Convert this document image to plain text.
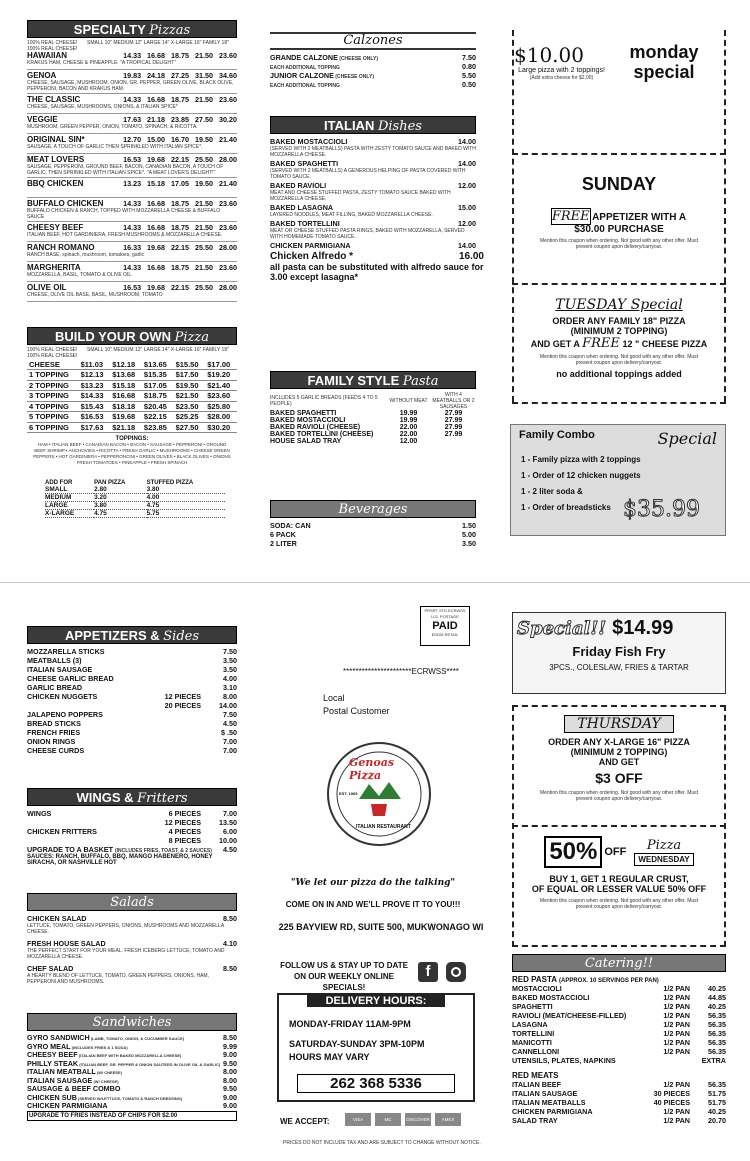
SPECIALTY Pizzas
100% REAL CHEESE! 100% REAL CHEESE!
SMALL 10" MEDIUM 12" LARGE 14" X-LARGE 16" FAMILY 18"
HAWAIIAN	14.33 16.68 18.75 21.50 23.60
KRAKUS HAM, CHEESE & PINEAPPLE. "A TROPICAL DELIGHT"
GENOA	19.83 24.18 27.25 31.50 34.60
CHEESE, SAUSAGE, MUSHROOM, ONION, GR. PEPPER, GREEN OLIVE, BLACK OLIVE, PEPPERONI, BACON AND KRAKUS HAM.
THE CLASSIC	14.33 16.68 18.75 21.50 23.60
CHEESE, SAUSAGE, MUSHROOMS, ONIONS, & ITALIAN SPICE*
VEGGIE	17.63 21.18 23.85 27.50 30.20
MUSHROOM, GREEN PEPPER, ONION, TOMATO, SPINACH, & RICOTTA.
ORIGINAL SIN*	12.70 15.00 16.70 19.50 21.40
SAUSAGE, A TOUCH OF GARLIC THEN SPRINKLED WITH ITALIAN SPICE*.
MEAT LOVERS	16.53 19.68 22.15 25.50 28.00
SAUSAGE, PEPPERONI, GROUND BEEF, BACON, CANADIAN BACON, A TOUCH OF GARLIC, THEN SPRINKLED WITH ITALIAN SPICE*. "A MEAT LOVER'S DELIGHT!"
BBQ CHICKEN	13.23 15.18 17.05 19.50 21.40
BUFFALO CHICKEN	14.33 16.68 18.75 21.50 23.60
BUFFALO CHICKEN & RANCH, TOPPED WITH MOZZARELLA CHEESE & BUFFALO SAUCE
CHEESY BEEF	14.33 16.68 18.75 21.50 23.60
ITALIAN BEEF, HOT GARDINIERA, FRESH MUSHROOMS & MOZZARELLA CHEESE.
RANCH ROMANO	16.33 19.68 22.15 25.50 28.00
RANCH BASE, spinach, mushroom, tomatoes, garlic
MARGHERITA	14.33 16.68 18.75 21.50 23.60
MOZZARELLA, BASIL, TOMATO & OLIVE OIL.
OLIVE OIL	16.53 19.68 22.15 25.50 28.00
CHEESE, OLIVE OIL BASE, BASIL, MUSHROOM, TOMATO
BUILD YOUR OWN Pizza
100% REAL CHEESE! 100% REAL CHEESE!
SMALL 10" MEDIUM 12" LARGE 14" X-LARGE 16" FAMILY 18"
CHEESE	$11.03	$12.18	$13.65	$15.50	$17.00
1 TOPPING	$12.13	$13.68	$15.35	$17.50	$19.20
2 TOPPING	$13.23	$15.18	$17.05	$19.50	$21.40
3 TOPPING	$14.33	$16.68	$18.75	$21.50	$23.60
4 TOPPING	$15.43	$18.18	$20.45	$23.50	$25.80
5 TOPPING	$16.53	$19.68	$22.15	$25.25	$28.00
6 TOPPING	$17.63	$21.18	$23.85	$27.50	$30.20
TOPPINGS:
HAM • ITALIAN BEEF • CANADIAN BACON • BACON • SAUSAGE • PEPPERONI • GROUND BEEF SHRIMP • ANCHOVIES • RICOTTA • FRESH GARLIC • MUSHROOMS • CHEESE GREEN PEPPERS • HOT GARDINIERA • PEPPERONCINI • GREEN OLIVES • BLACK OLIVES • ONIONS FRESH TOMATOES • PINEAPPLE • FRESH SPINACH
ADD FOR	PAN PIZZA	STUFFED PIZZA
SMALL	2.80	3.80
MEDIUM	3.20	4.00
LARGE	3.80	4.75
X-LARGE	4.75	5.75
Calzones
GRANDE CALZONE (CHEESE ONLY)	7.50
EACH ADDITIONAL TOPPING	0.80
JUNIOR CALZONE (CHEESE ONLY)	5.50
EACH ADDITIONAL TOPPING	0.50
ITALIAN Dishes
BAKED MOSTACCIOLI	14.00
(SERVED WITH 2 MEATBALLS) PASTA WITH ZESTY TOMATO SAUCE AND BAKED WITH MOZZARELLA CHEESE.
BAKED SPAGHETTI	14.00
(SERVED WITH 2 MEATBALLS) A GENEROUS HELPING OF PASTA COVERED WITH TOMATO SAUCE.
BAKED RAVIOLI	12.00
MEAT AND CHEESE STUFFED PASTA, ZESTY TOMATO SAUCE BAKED WITH MOZZARELLA CHEESE.
BAKED LASAGNA	15.00
LAYERED NOODLES, MEAT FILLING, BAKED MOZZARELLA CHEESE.
BAKED TORTELLINI	12.00
MEAT OR CHEESE STUFFED PASTA RINGS, BAKED WITH MOZZARELLA, SERVED WITH HOMEMADE TOMATO SAUCE.
CHICKEN PARMIGIANA	14.00
Chicken Alfredo *	16.00
all pasta can be substituted with alfredo sauce for 3.00 except lasagna*
FAMILY STYLE Pasta
INCLUDES 5 GARLIC BREADS (FEEDS 4 TO 5 PEOPLE)	WITHOUT MEAT	WITH 4 MEATBALLS OR 2 SAUSAGES
BAKED SPAGHETTI	19.99	27.99
BAKED MOSTACCIOLI	19.99	27.99
BAKED RAVIOLI (CHEESE)	22.00	27.99
BAKED TORTELLINI (CHEESE)	22.00	27.99
HOUSE SALAD TRAY	12.00	
Beverages
SODA: CAN	1.50
6 PACK	5.00
2 LITER	3.50
$10.00
Large pizza with 2 toppings!
(Add extra cheese for $2.00)
monday special
SUNDAY
FREE APPETIZER WITH A
$30.00 PURCHASE
Mention this coupon when ordering. Not good with any other offer. Must present coupon upon delivery/carryout.
TUESDAY Special
ORDER ANY FAMILY 18" PIZZA
(MINIMUM 2 TOPPING)
AND GET A FREE 12 " CHEESE PIZZA
Mention this coupon when ordering. Not good with any other offer. Must present coupon upon delivery/carryout.
no additional toppings added
Family Combo	Special
1 - Family pizza with 2 toppings
1 - Order of 12 chicken nuggets
1 - 2 liter soda &
1 - Order of breadsticks $35.99
APPETIZERS & Sides
MOZZARELLA STICKS	7.50
MEATBALLS (3)	3.50
ITALIAN SAUSAGE	3.50
CHEESE GARLIC BREAD	4.00
GARLIC BREAD	3.10
CHICKEN NUGGETS	12 PIECES	8.00
20 PIECES	14.00
JALAPENO POPPERS	7.50
BREAD STICKS	4.50
FRENCH FRIES	$ .50
ONION RINGS	7.00
CHEESE CURDS	7.00
WINGS & Fritters
WINGS	6 PIECES	7.00
12 PIECES	13.50
CHICKEN FRITTERS	4 PIECES	6.00
8 PIECES	10.00
UPGRADE TO A BASKET (INCLUDES FRIES, TOAST, & 2 SAUCES) 4.50
SAUCES: RANCH, BUFFALO, BBQ, MANGO HABENERO, HONEY SIRACHA, OR NASHVILLE HOT
Salads
CHICKEN SALAD	8.50
LETTUCE, TOMATO, GREEN PEPPERS, ONIONS, MUSHROOMS AND MOZZARELLA CHEESE.
FRESH HOUSE SALAD	4.10
THE PERFECT START FOR YOUR MEAL. FRESH ICEBERG LETTUCE, TOMATO AND MOZZARELLA CHEESE.
CHEF SALAD	8.50
A HEARTY BLEND OF LETTUCE, TOMATO, GREEN PEPPERS, ONIONS, HAM, PEPPERONI AND MUSHROOMS.
Sandwiches
GYRO SANDWICH (LAMB, TOMATO, ONION, & CUCUMBER SAUCE)	8.50
GYRO MEAL (INCLUDES FRIES & 1 SODA)	9.99
CHEESY BEEF (ITALIAN BEEF WITH BAKED MOZZARELLA CHEESE)	9.00
PHILLY STEAK (ITALIAN BEEF, GR. PEPPER & ONION SAUTEED IN OLIVE OIL & GARLIC) 9.50
ITALIAN MEATBALL (W/ CHEESE)	8.00
ITALIAN SAUSAGE (W/ CHEESE)	8.00
SAUSAGE & BEEF COMBO	9.50
CHICKEN SUB (SERVED W/LETTUCE, TOMATO & RANCH DRESSING)	9.00
CHICKEN PARMIGIANA	9.00
UPGRADE TO FRIES INSTEAD OF CHIPS FOR $2.00
PRSRT STD ECRWSS U.S. POSTAGE
PAID
EDDM RETAIL
**********************ECRWSS****
Local
Postal Customer
Genoas Pizza
ITALIAN RESTAURANT
EST. 1969
"We let our pizza do the talking"
COME ON IN AND WE'LL PROVE IT TO YOU!!!
225 BAYVIEW RD, SUITE 500, MUKWONAGO WI
FOLLOW US & STAY UP TO DATE ON OUR WEEKLY ONLINE SPECIALS!
f
DELIVERY HOURS:
MONDAY-FRIDAY 11AM-9PM
SATURDAY-SUNDAY 3PM-10PM
HOURS MAY VARY
262 368 5336
WE ACCEPT:	VISA	MC	DISCOVER	AMEX
PRICES DO NOT INCLUDE TAX AND ARE SUBJECT TO CHANGE WITHOUT NOTICE.
Special!! $14.99
Friday Fish Fry
3PCS., COLESLAW, FRIES & TARTAR
THURSDAY
ORDER ANY X-LARGE 16" PIZZA
(MINIMUM 2 TOPPING)
AND GET
$3 OFF
Mention this coupon when ordering. Not good with any other offer. Must present coupon upon delivery/carryout.
50% OFF	Pizza
WEDNESDAY
BUY 1, GET 1 REGULAR CRUST,
OF EQUAL OR LESSER VALUE 50% OFF
Mention this coupon when ordering. Not good with any other offer. Must present coupon upon delivery/carryout.
Catering!!
RED PASTA (APPROX. 10 SERVINGS PER PAN)
MOSTACCIOLI	1/2 PAN	40.25
BAKED MOSTACCIOLI	1/2 PAN	44.85
SPAGHETTI	1/2 PAN	40.25
RAVIOLI (MEAT/CHEESE-FILLED)	1/2 PAN	56.35
LASAGNA	1/2 PAN	56.35
TORTELLINI	1/2 PAN	56.35
MANICOTTI	1/2 PAN	56.35
CANNELLONI	1/2 PAN	56.35
UTENSILS, PLATES, NAPKINS	EXTRA
RED MEATS
ITALIAN BEEF	1/2 PAN	56.35
ITALIAN SAUSAGE	30 PIECES	51.75
ITALIAN MEATBALLS	40 PIECES	51.75
CHICKEN PARMIGIANA	1/2 PAN	40.25
SALAD TRAY	1/2 PAN	20.70
